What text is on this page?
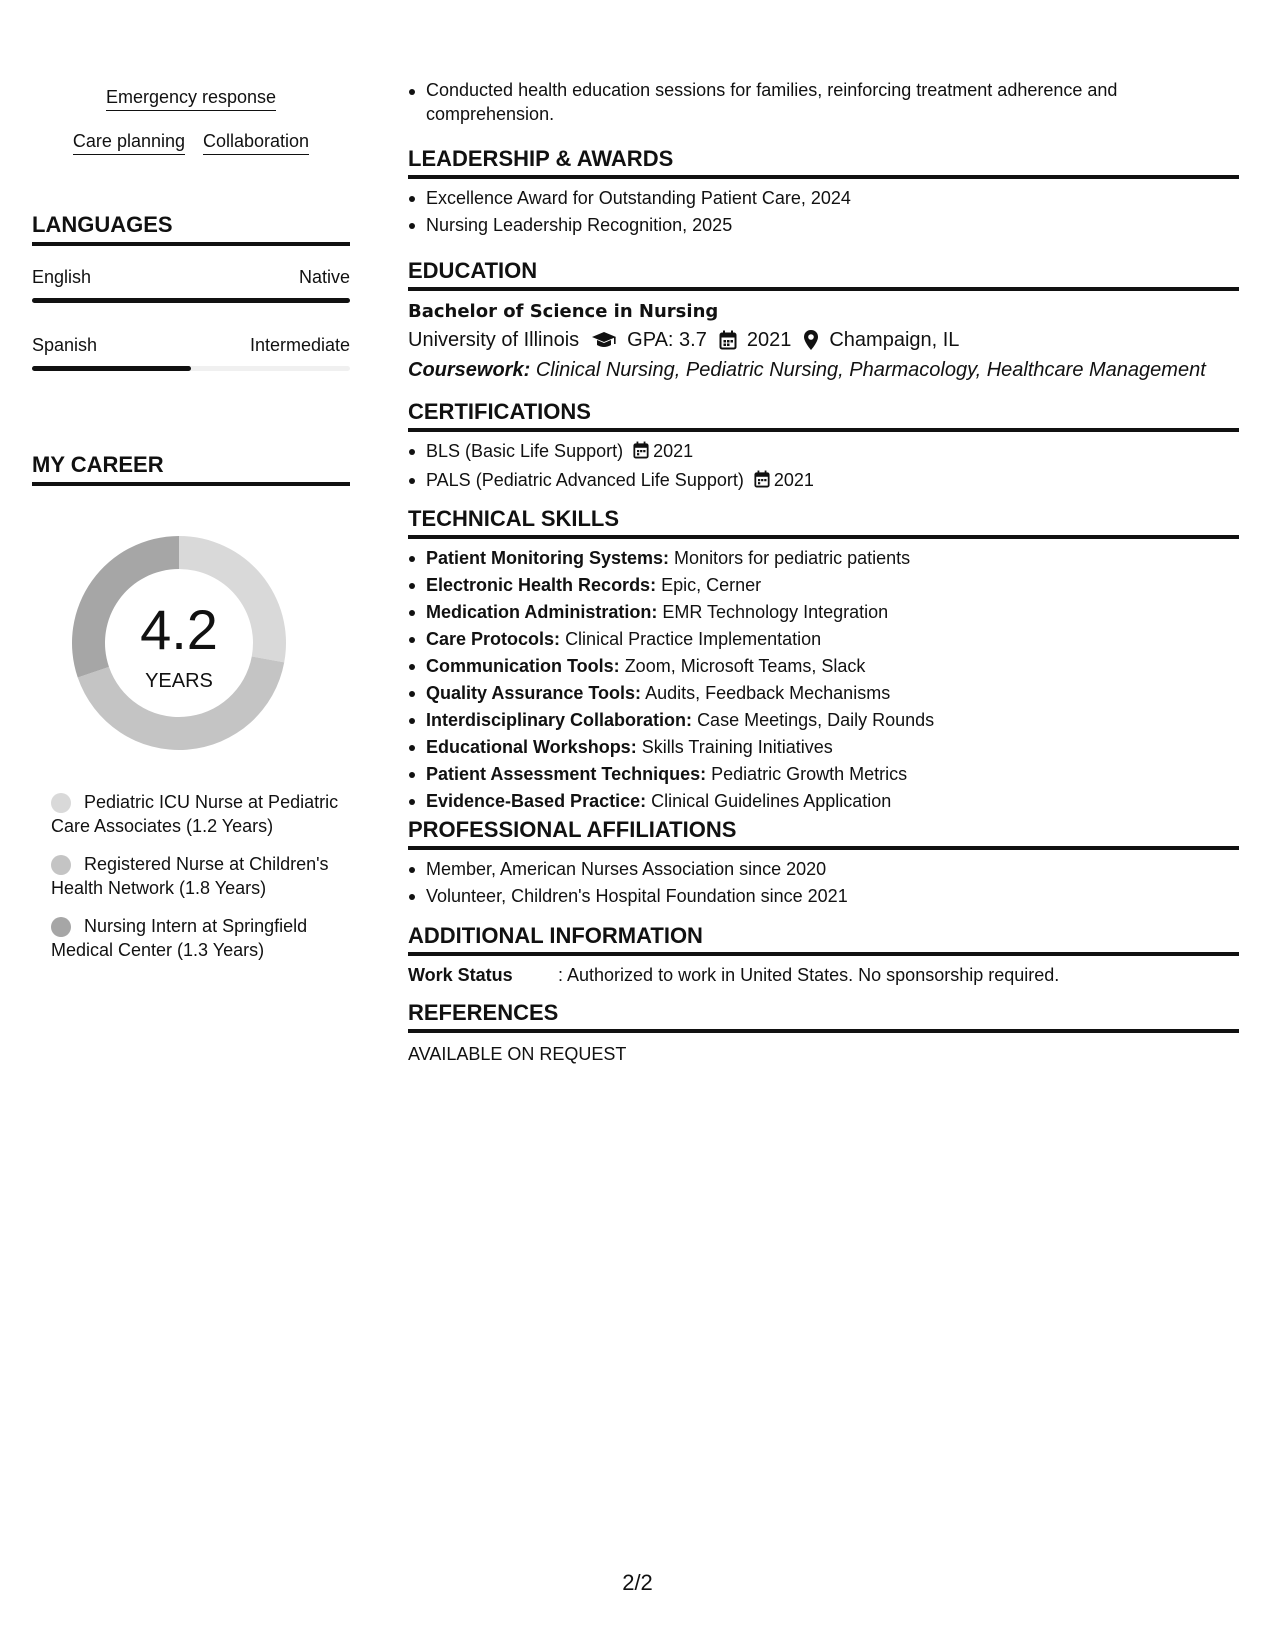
Emergency response
Care planning Collaboration
LANGUAGES
English	Native
Spanish	Intermediate
MY CAREER
4.2
YEARS
Pediatric ICU Nurse at Pediatric Care Associates (1.2 Years)
Registered Nurse at Children's Health Network (1.8 Years)
Nursing Intern at Springfield Medical Center (1.3 Years)
Conducted health education sessions for families, reinforcing treatment adherence and comprehension.
LEADERSHIP & AWARDS
Excellence Award for Outstanding Patient Care, 2024
Nursing Leadership Recognition, 2025
EDUCATION
Bachelor of Science in Nursing
University of Illinois GPA: 3.7 2021 Champaign, IL
Coursework: Clinical Nursing, Pediatric Nursing, Pharmacology, Healthcare Management
CERTIFICATIONS
BLS (Basic Life Support) 2021
PALS (Pediatric Advanced Life Support) 2021
TECHNICAL SKILLS
Patient Monitoring Systems: Monitors for pediatric patients
Electronic Health Records: Epic, Cerner
Medication Administration: EMR Technology Integration
Care Protocols: Clinical Practice Implementation
Communication Tools: Zoom, Microsoft Teams, Slack
Quality Assurance Tools: Audits, Feedback Mechanisms
Interdisciplinary Collaboration: Case Meetings, Daily Rounds
Educational Workshops: Skills Training Initiatives
Patient Assessment Techniques: Pediatric Growth Metrics
Evidence-Based Practice: Clinical Guidelines Application
PROFESSIONAL AFFILIATIONS
Member, American Nurses Association since 2020
Volunteer, Children's Hospital Foundation since 2021
ADDITIONAL INFORMATION
Work Status	: Authorized to work in United States. No sponsorship required.
REFERENCES
AVAILABLE ON REQUEST
2/2
